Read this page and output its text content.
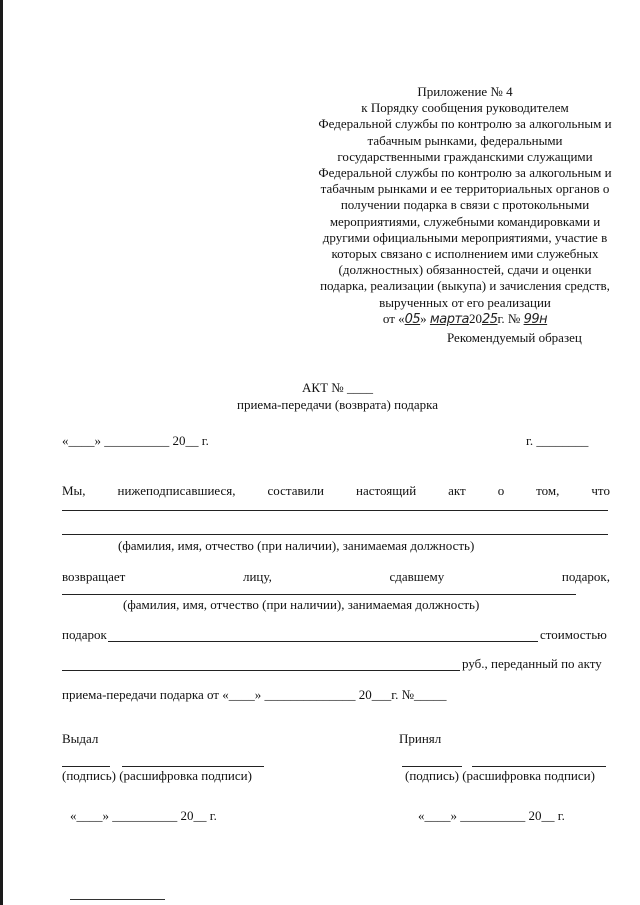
Приложение № 4
к Порядку сообщения руководителем
Федеральной службы по контролю за алкогольным и
табачным рынками, федеральными
государственными гражданскими служащими
Федеральной службы по контролю за алкогольным и
табачным рынками и ее территориальных органов о
получении подарка в связи с протокольными
мероприятиями, служебными командировками и
другими официальными мероприятиями, участие в
которых связано с исполнением ими служебных
(должностных) обязанностей, сдачи и оценки
подарка, реализации (выкупа) и зачисления средств,
вырученных от его реализации
от «05» марта2025г. № 99н
Рекомендуемый образец
АКТ № ____
приема-передачи (возврата) подарка
«____» __________ 20__ г.	г. ________
Мы, нижеподписавшиеся, составили настоящий акт о том, что
(фамилия, имя, отчество (при наличии), занимаемая должность)
возвращает	лицу,	сдавшему	подарок,
(фамилия, имя, отчество (при наличии), занимаемая должность)
подарок	стоимостью
руб., переданный по акту
приема-передачи подарка от «____» ______________ 20___г. №_____
Выдал	Принял
(подпись) (расшифровка подписи)	(подпись) (расшифровка подписи)
«____» __________ 20__ г.	«____» __________ 20__ г.
